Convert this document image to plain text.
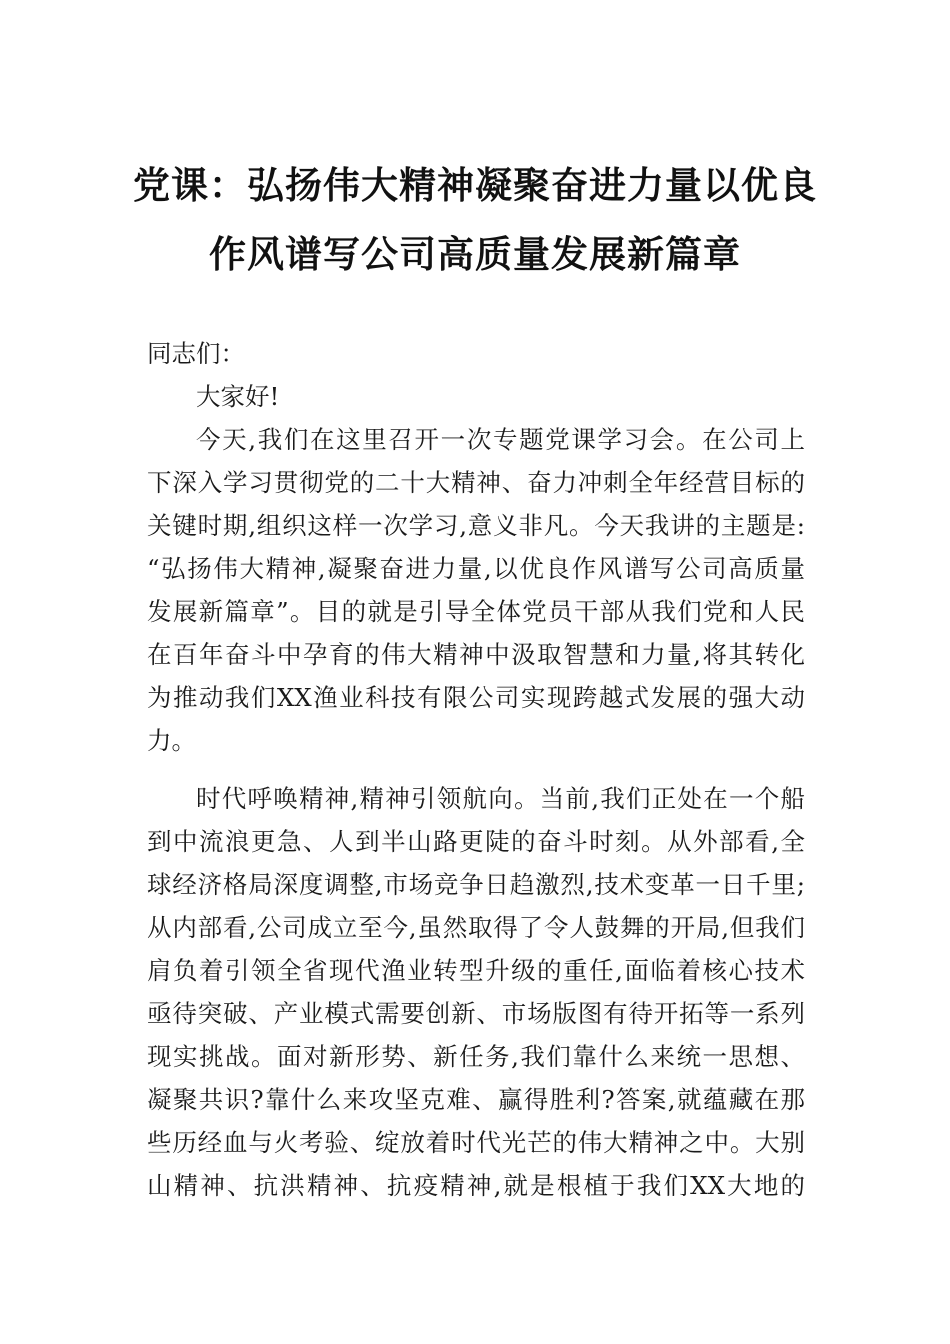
党课：弘扬伟大精神凝聚奋进力量以优良
作风谱写公司高质量发展新篇章
同志们：
大家好!
今天,我们在这里召开一次专题党课学习会。在公司上
下深入学习贯彻党的二十大精神、奋力冲刺全年经营目标的
关键时期,组织这样一次学习,意义非凡。今天我讲的主题是:
“弘扬伟大精神,凝聚奋进力量,以优良作风谱写公司高质量
发展新篇章”。目的就是引导全体党员干部从我们党和人民
在百年奋斗中孕育的伟大精神中汲取智慧和力量,将其转化
为推动我们XX渔业科技有限公司实现跨越式发展的强大动
力。
时代呼唤精神,精神引领航向。当前,我们正处在一个船
到中流浪更急、人到半山路更陡的奋斗时刻。从外部看,全
球经济格局深度调整,市场竞争日趋激烈,技术变革一日千里;
从内部看,公司成立至今,虽然取得了令人鼓舞的开局,但我们
肩负着引领全省现代渔业转型升级的重任,面临着核心技术
亟待突破、产业模式需要创新、市场版图有待开拓等一系列
现实挑战。面对新形势、新任务,我们靠什么来统一思想、
凝聚共识?靠什么来攻坚克难、赢得胜利?答案,就蕴藏在那
些历经血与火考验、绽放着时代光芒的伟大精神之中。大别
山精神、抗洪精神、抗疫精神,就是根植于我们XX大地的
